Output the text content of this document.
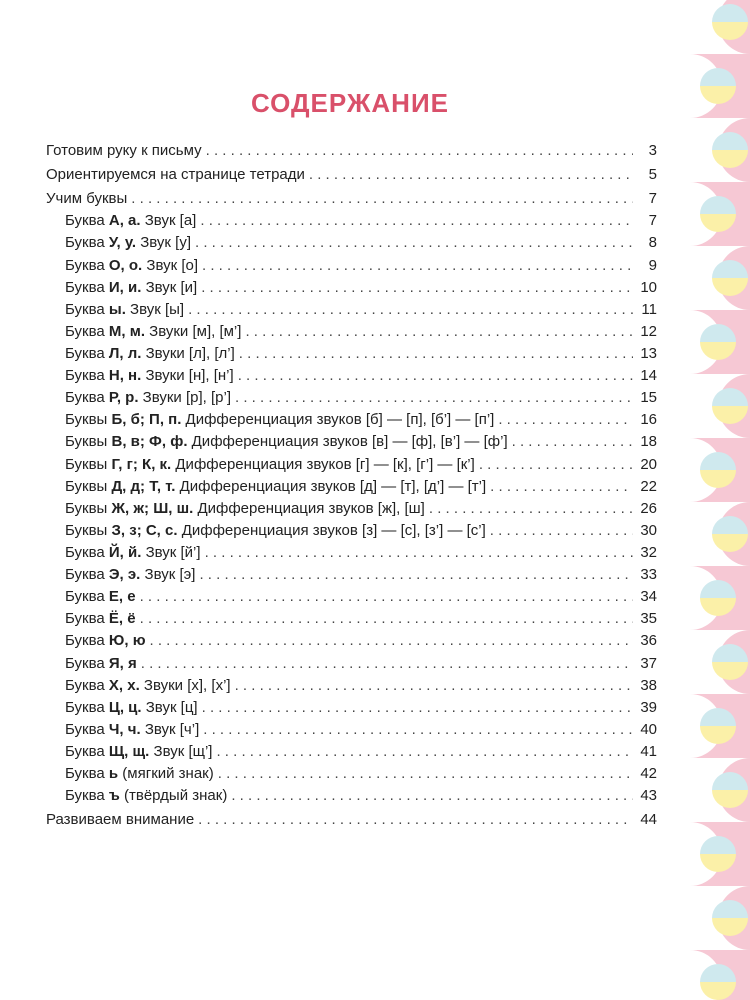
СОДЕРЖАНИЕ
Готовим руку к письму . . .	3
Ориентируемся на странице тетради . . .	5
Учим буквы . . .	7
Буква А, а. Звук [а] . . .	7
Буква У, у. Звук [у] . . .	8
Буква О, о. Звук [о] . . .	9
Буква И, и. Звук [и] . . .	10
Буква ы. Звук [ы] . . .	11
Буква М, м. Звуки [м], [м’] . . .	12
Буква Л, л. Звуки [л], [л’] . . .	13
Буква Н, н. Звуки [н], [н’] . . .	14
Буква Р, р. Звуки [р], [р’] . . .	15
Буквы Б, б; П, п. Дифференциация звуков [б] — [п], [б’] — [п’] . . .	16
Буквы В, в; Ф, ф. Дифференциация звуков [в] — [ф], [в’] — [ф’] . . .	18
Буквы Г, г; К, к. Дифференциация звуков [г] — [к], [г’] — [к’] . . .	20
Буквы Д, д; Т, т. Дифференциация звуков [д] — [т], [д’] — [т’] . . .	22
Буквы Ж, ж; Ш, ш. Дифференциация звуков [ж], [ш] . . .	26
Буквы З, з; С, с. Дифференциация звуков [з] — [с], [з’] — [с’] . . .	30
Буква Й, й. Звук [й’] . . .	32
Буква Э, э. Звук [э] . . .	33
Буква Е, е . . .	34
Буква Ё, ё . . .	35
Буква Ю, ю . . .	36
Буква Я, я . . .	37
Буква Х, х. Звуки [х], [х’] . . .	38
Буква Ц, ц. Звук [ц] . . .	39
Буква Ч, ч. Звук [ч’] . . .	40
Буква Щ, щ. Звук [щ’] . . .	41
Буква ь (мягкий знак) . . .	42
Буква ъ (твёрдый знак) . . .	43
Развиваем внимание . . .	44
